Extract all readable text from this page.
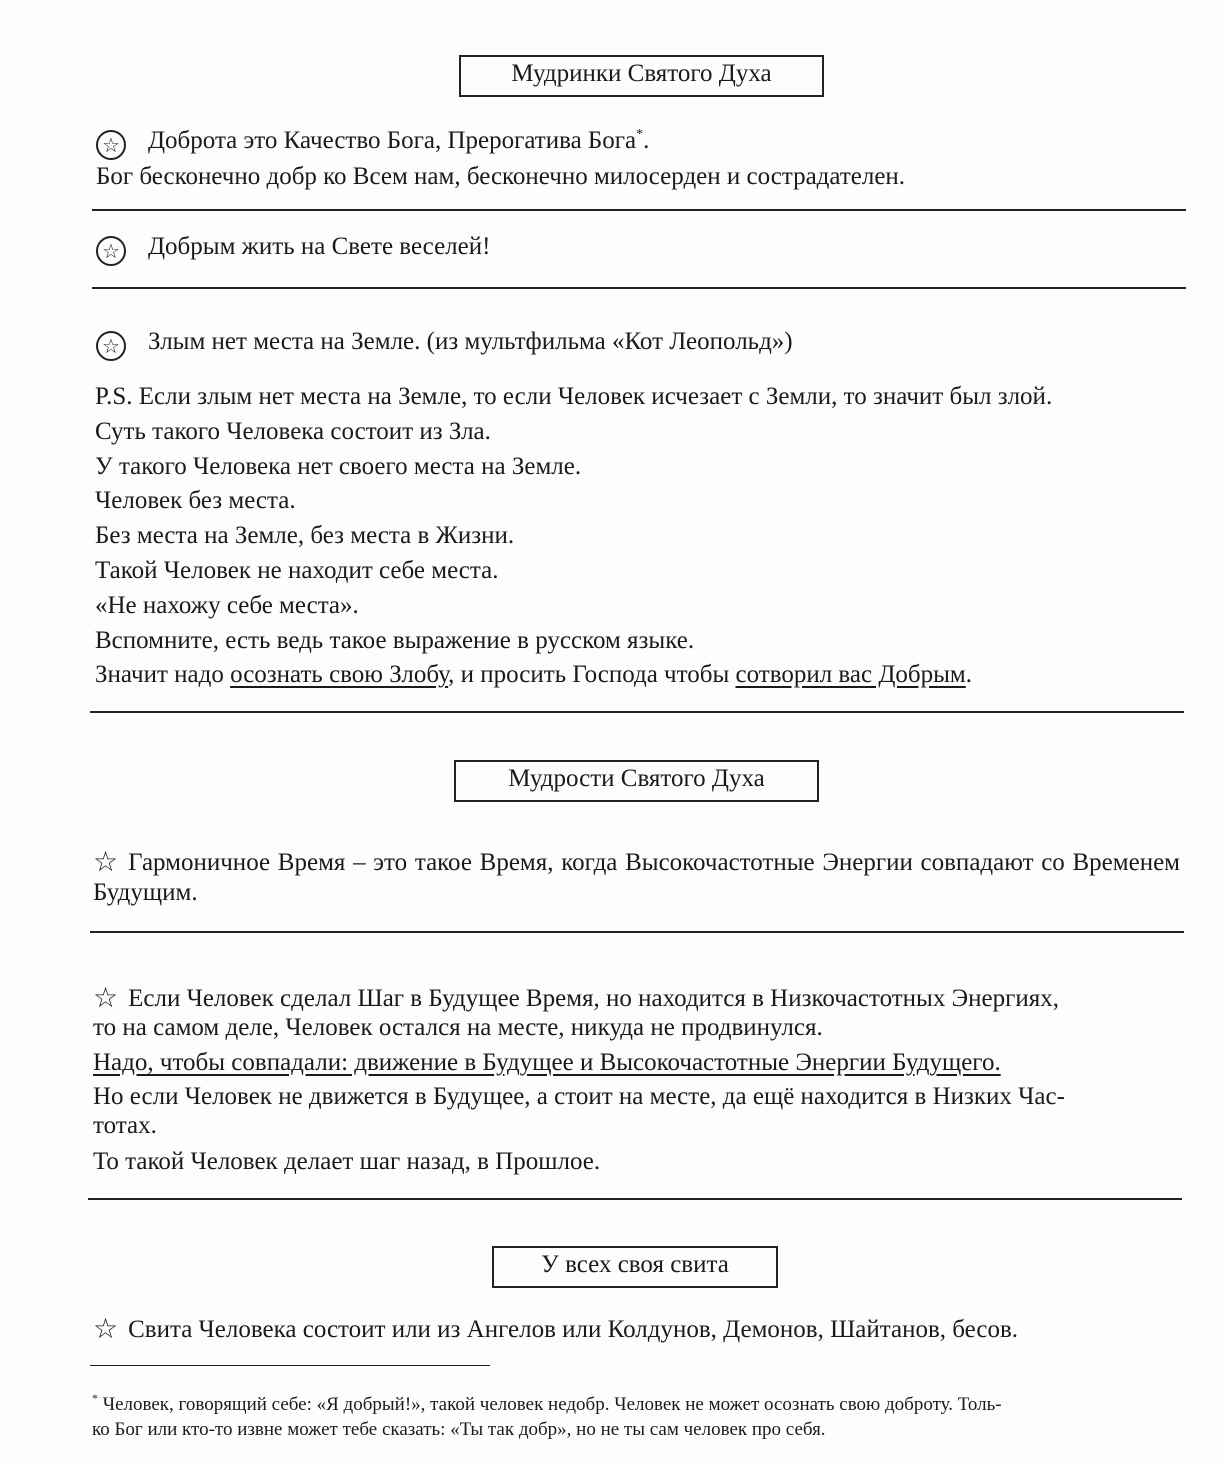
Мудринки Святого Духа
☆ Доброта это Качество Бога, Прерогатива Бога*.
Бог бесконечно добр ко Всем нам, бесконечно милосерден и сострадателен.
☆ Добрым жить на Свете веселей!
☆ Злым нет места на Земле. (из мультфильма «Кот Леопольд»)
P.S. Если злым нет места на Земле, то если Человек исчезает с Земли, то значит был злой.
Суть такого Человека состоит из Зла.
У такого Человека нет своего места на Земле.
Человек без места.
Без места на Земле, без места в Жизни.
Такой Человек не находит себе места.
«Не нахожу себе места».
Вспомните, есть ведь такое выражение в русском языке.
Значит надо осознать свою Злобу, и просить Господа чтобы сотворил вас Добрым.
Мудрости Святого Духа
☆ Гармоничное Время – это такое Время, когда Высокочастотные Энергии совпадают со Временем Будущим.
☆ Если Человек сделал Шаг в Будущее Время, но находится в Низкочастотных Энергиях,
то на самом деле, Человек остался на месте, никуда не продвинулся.
Надо, чтобы совпадали: движение в Будущее и Высокочастотные Энергии Будущего.
Но если Человек не движется в Будущее, а стоит на месте, да ещё находится в Низких Час-
тотах.
То такой Человек делает шаг назад, в Прошлое.
У всех своя свита
☆ Свита Человека состоит или из Ангелов или Колдунов, Демонов, Шайтанов, бесов.
* Человек, говорящий себе: «Я добрый!», такой человек недобр. Человек не может осознать свою доброту. Толь-
ко Бог или кто-то извне может тебе сказать: «Ты так добр», но не ты сам человек про себя.
